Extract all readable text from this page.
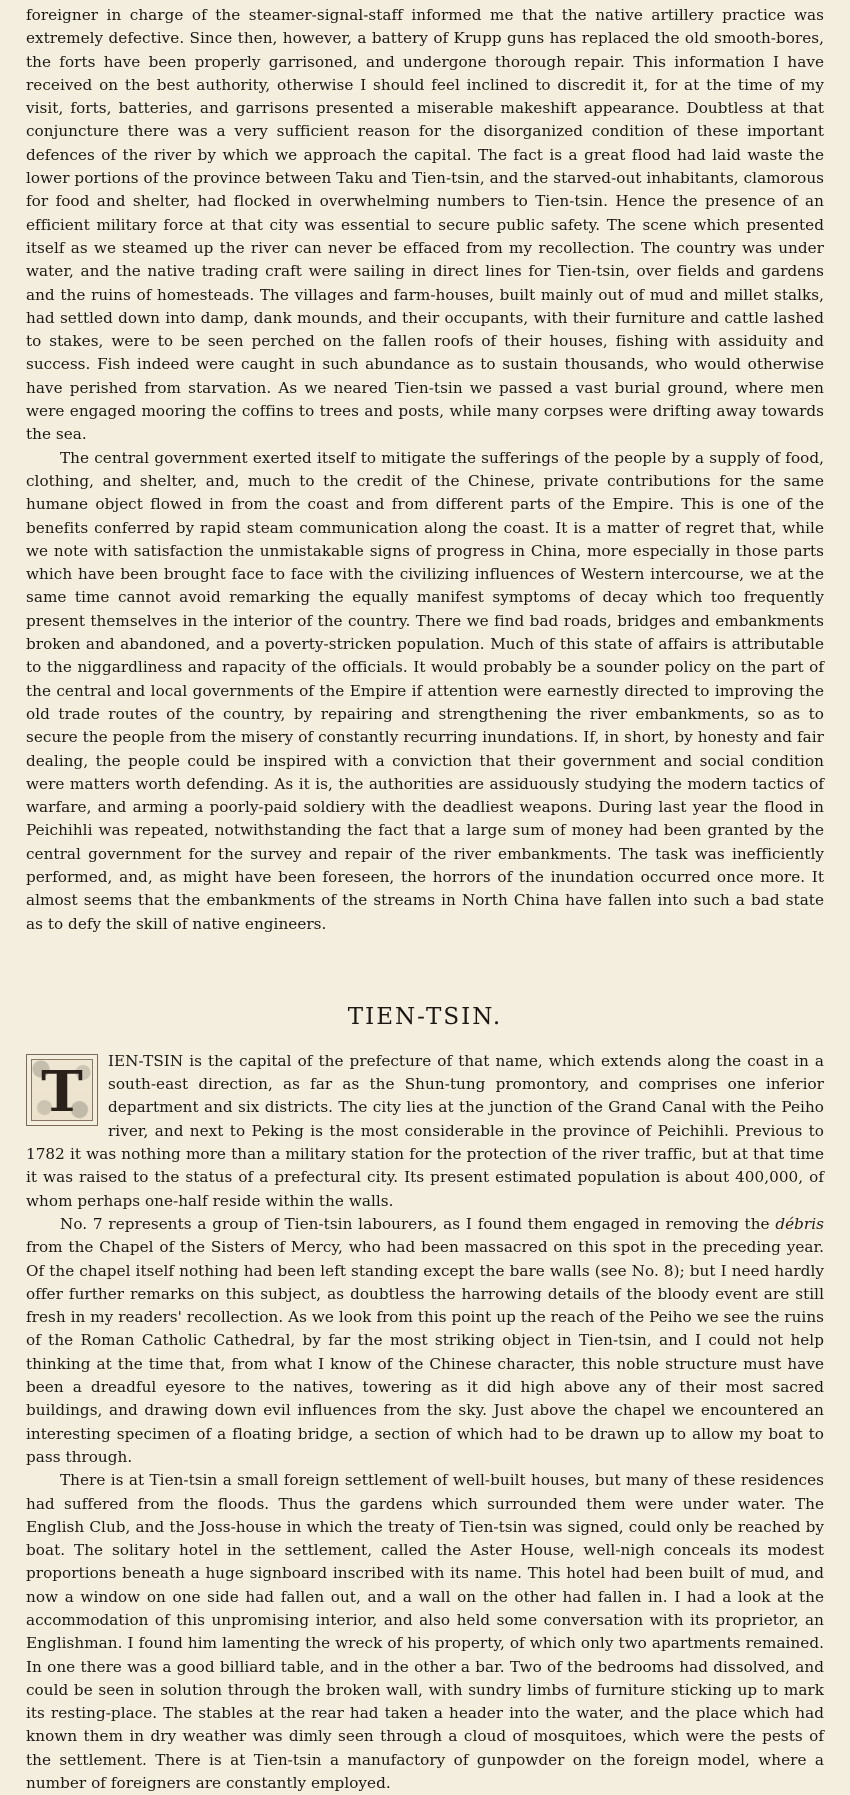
foreigner in charge of the steamer-signal-staff informed me that the native artillery practice was extremely defective. Since then, however, a battery of Krupp guns has replaced the old smooth-bores, the forts have been properly garrisoned, and undergone thorough repair. This information I have received on the best authority, otherwise I should feel inclined to discredit it, for at the time of my visit, forts, batteries, and garrisons presented a miserable makeshift appearance. Doubtless at that conjuncture there was a very sufficient reason for the disorganized condition of these important defences of the river by which we approach the capital. The fact is a great flood had laid waste the lower portions of the province between Taku and Tien-tsin, and the starved-out inhabitants, clamorous for food and shelter, had flocked in overwhelming numbers to Tien-tsin. Hence the presence of an efficient military force at that city was essential to secure public safety. The scene which presented itself as we steamed up the river can never be effaced from my recollection. The country was under water, and the native trading craft were sailing in direct lines for Tien-tsin, over fields and gardens and the ruins of homesteads. The villages and farm-houses, built mainly out of mud and millet stalks, had settled down into damp, dank mounds, and their occupants, with their furniture and cattle lashed to stakes, were to be seen perched on the fallen roofs of their houses, fishing with assiduity and success. Fish indeed were caught in such abundance as to sustain thousands, who would otherwise have perished from starvation. As we neared Tien-tsin we passed a vast burial ground, where men were engaged mooring the coffins to trees and posts, while many corpses were drifting away towards the sea.

The central government exerted itself to mitigate the sufferings of the people by a supply of food, clothing, and shelter, and, much to the credit of the Chinese, private contributions for the same humane object flowed in from the coast and from different parts of the Empire. This is one of the benefits conferred by rapid steam communication along the coast. It is a matter of regret that, while we note with satisfaction the unmistakable signs of progress in China, more especially in those parts which have been brought face to face with the civilizing influences of Western intercourse, we at the same time cannot avoid remarking the equally manifest symptoms of decay which too frequently present themselves in the interior of the country. There we find bad roads, bridges and embankments broken and abandoned, and a poverty-stricken population. Much of this state of affairs is attributable to the niggardliness and rapacity of the officials. It would probably be a sounder policy on the part of the central and local governments of the Empire if attention were earnestly directed to improving the old trade routes of the country, by repairing and strengthening the river embankments, so as to secure the people from the misery of constantly recurring inundations. If, in short, by honesty and fair dealing, the people could be inspired with a conviction that their government and social condition were matters worth defending. As it is, the authorities are assiduously studying the modern tactics of warfare, and arming a poorly-paid soldiery with the deadliest weapons. During last year the flood in Peichihli was repeated, notwithstanding the fact that a large sum of money had been granted by the central government for the survey and repair of the river embankments. The task was inefficiently performed, and, as might have been foreseen, the horrors of the inundation occurred once more. It almost seems that the embankments of the streams in North China have fallen into such a bad state as to defy the skill of native engineers.

TIEN-TSIN.

T IEN-TSIN is the capital of the prefecture of that name, which extends along the coast in a south-east direction, as far as the Shun-tung promontory, and comprises one inferior department and six districts. The city lies at the junction of the Grand Canal with the Peiho river, and next to Peking is the most considerable in the province of Peichihli. Previous to 1782 it was nothing more than a military station for the protection of the river traffic, but at that time it was raised to the status of a prefectural city. Its present estimated population is about 400,000, of whom perhaps one-half reside within the walls.

No. 7 represents a group of Tien-tsin labourers, as I found them engaged in removing the débris from the Chapel of the Sisters of Mercy, who had been massacred on this spot in the preceding year. Of the chapel itself nothing had been left standing except the bare walls (see No. 8); but I need hardly offer further remarks on this subject, as doubtless the harrowing details of the bloody event are still fresh in my readers' recollection. As we look from this point up the reach of the Peiho we see the ruins of the Roman Catholic Cathedral, by far the most striking object in Tien-tsin, and I could not help thinking at the time that, from what I know of the Chinese character, this noble structure must have been a dreadful eyesore to the natives, towering as it did high above any of their most sacred buildings, and drawing down evil influences from the sky. Just above the chapel we encountered an interesting specimen of a floating bridge, a section of which had to be drawn up to allow my boat to pass through.

There is at Tien-tsin a small foreign settlement of well-built houses, but many of these residences had suffered from the floods. Thus the gardens which surrounded them were under water. The English Club, and the Joss-house in which the treaty of Tien-tsin was signed, could only be reached by boat. The solitary hotel in the settlement, called the Aster House, well-nigh conceals its modest proportions beneath a huge signboard inscribed with its name. This hotel had been built of mud, and now a window on one side had fallen out, and a wall on the other had fallen in. I had a look at the accommodation of this unpromising interior, and also held some conversation with its proprietor, an Englishman. I found him lamenting the wreck of his property, of which only two apartments remained. In one there was a good billiard table, and in the other a bar. Two of the bedrooms had dissolved, and could be seen in solution through the broken wall, with sundry limbs of furniture sticking up to mark its resting-place. The stables at the rear had taken a header into the water, and the place which had known them in dry weather was dimly seen through a cloud of mosquitoes, which were the pests of the settlement. There is at Tien-tsin a manufactory of gunpowder on the foreign model, where a number of foreigners are constantly employed.
